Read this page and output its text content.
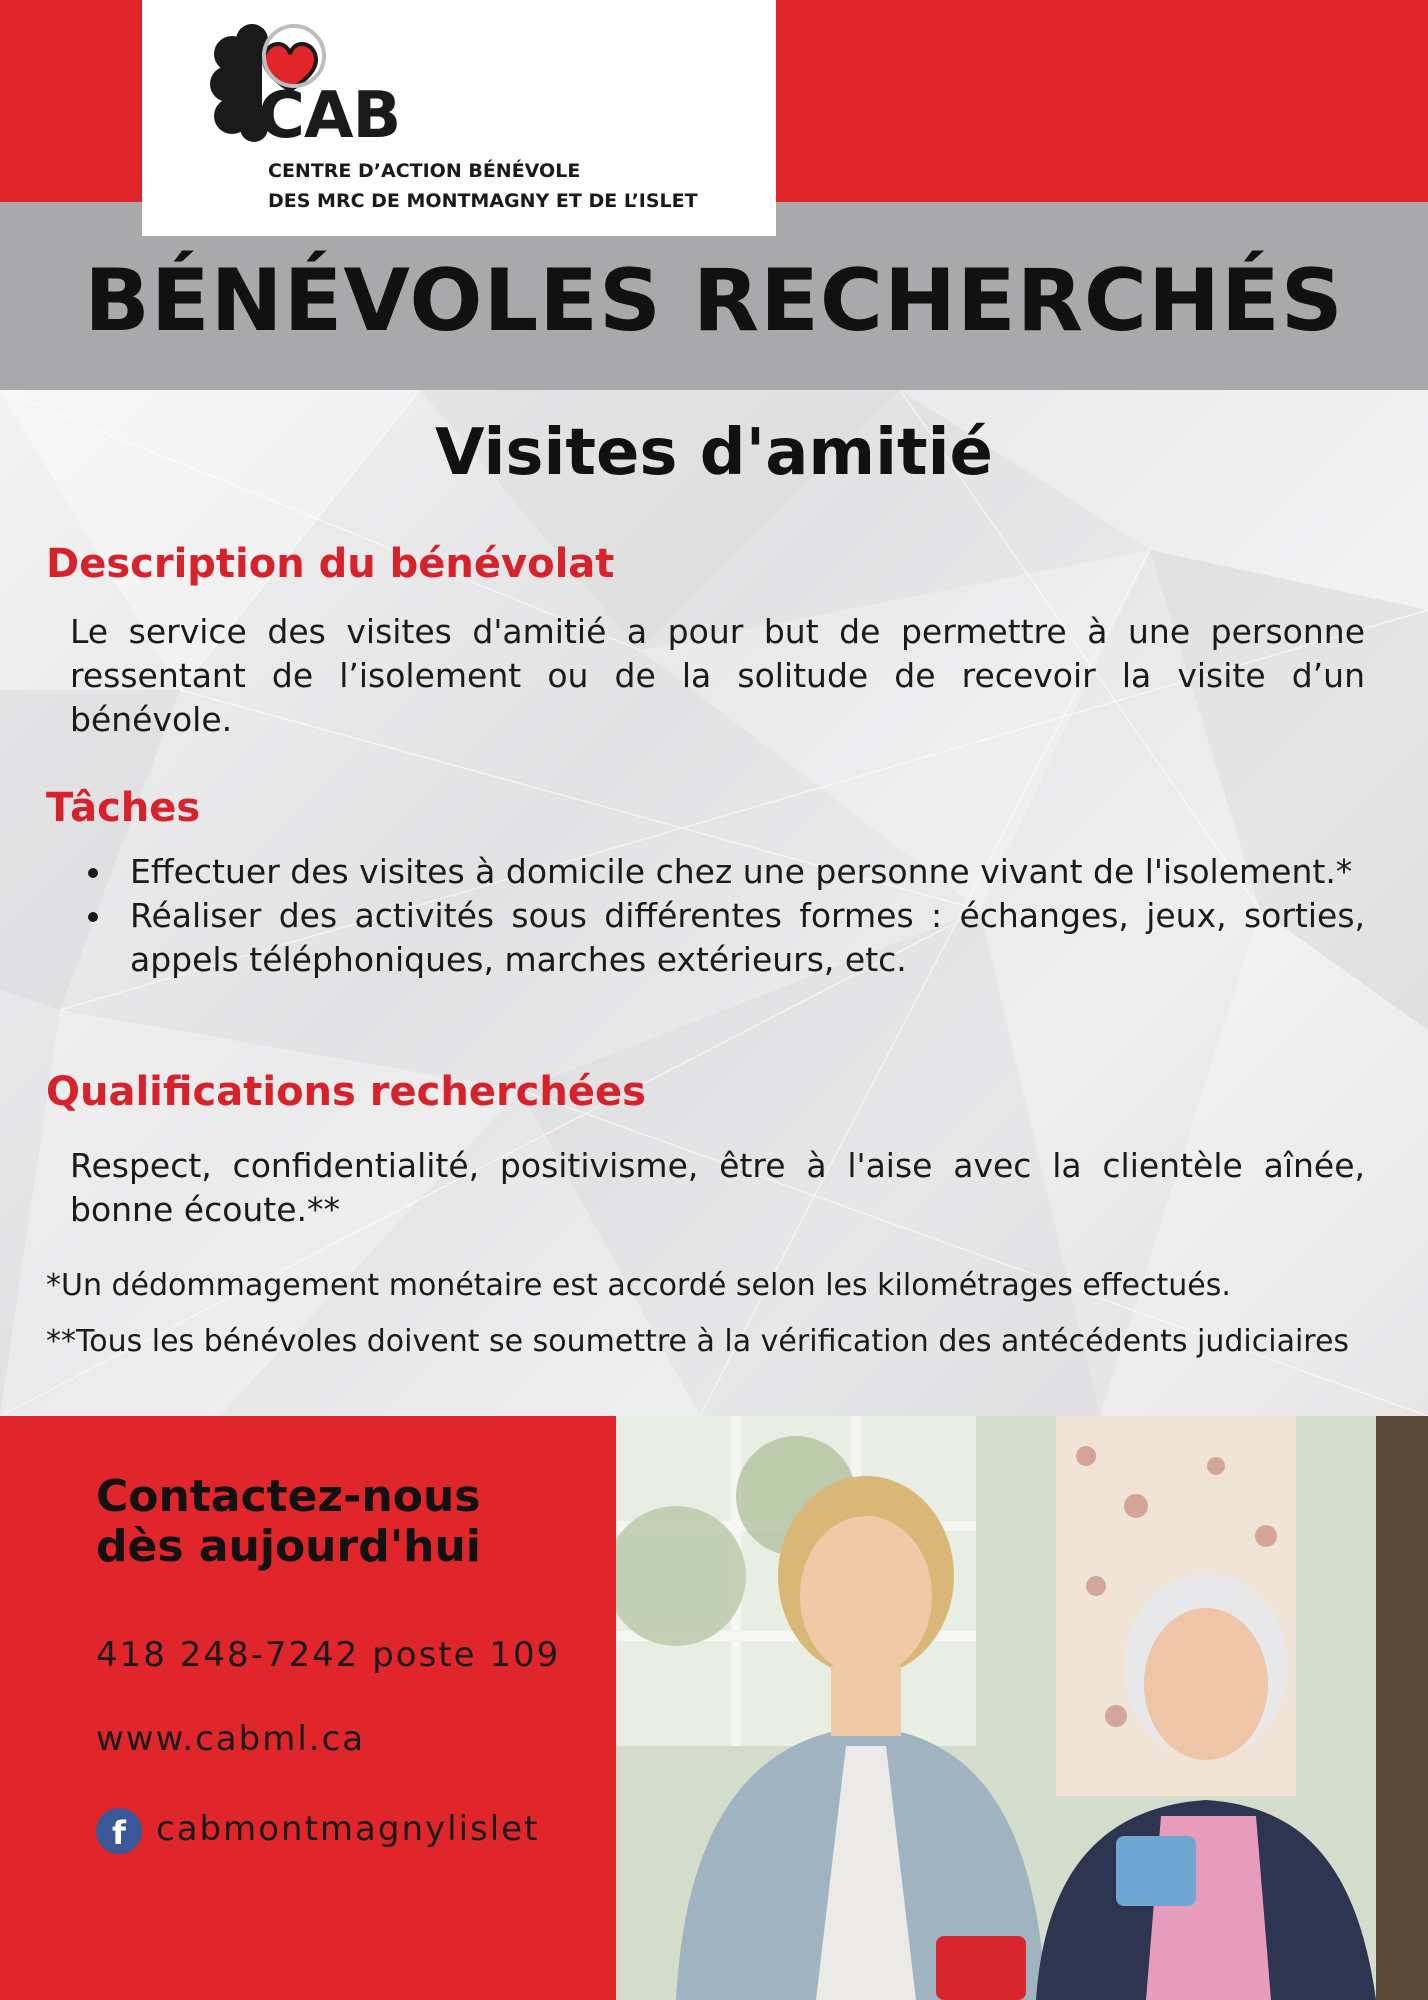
CAB
CENTRE D’ACTION BÉNÉVOLE
DES MRC DE MONTMAGNY ET DE L’ISLET
BÉNÉVOLES RECHERCHÉS
Visites d'amitié
Description du bénévolat
Le service des visites d'amitié a pour but de permettre à une personne ressentant de l’isolement ou de la solitude de recevoir la visite d’un bénévole.
Tâches
Effectuer des visites à domicile chez une personne vivant de l'isolement.*
Réaliser des activités sous différentes formes : échanges, jeux, sorties, appels téléphoniques, marches extérieurs, etc.
Qualifications recherchées
Respect, confidentialité, positivisme, être à l'aise avec la clientèle aînée, bonne écoute.**
*Un dédommagement monétaire est accordé selon les kilométrages effectués.
**Tous les bénévoles doivent se soumettre à la vérification des antécédents judiciaires
Contactez-nous
dès aujourd'hui
418 248-7242 poste 109
www.cabml.ca
f cabmontmagnylislet
